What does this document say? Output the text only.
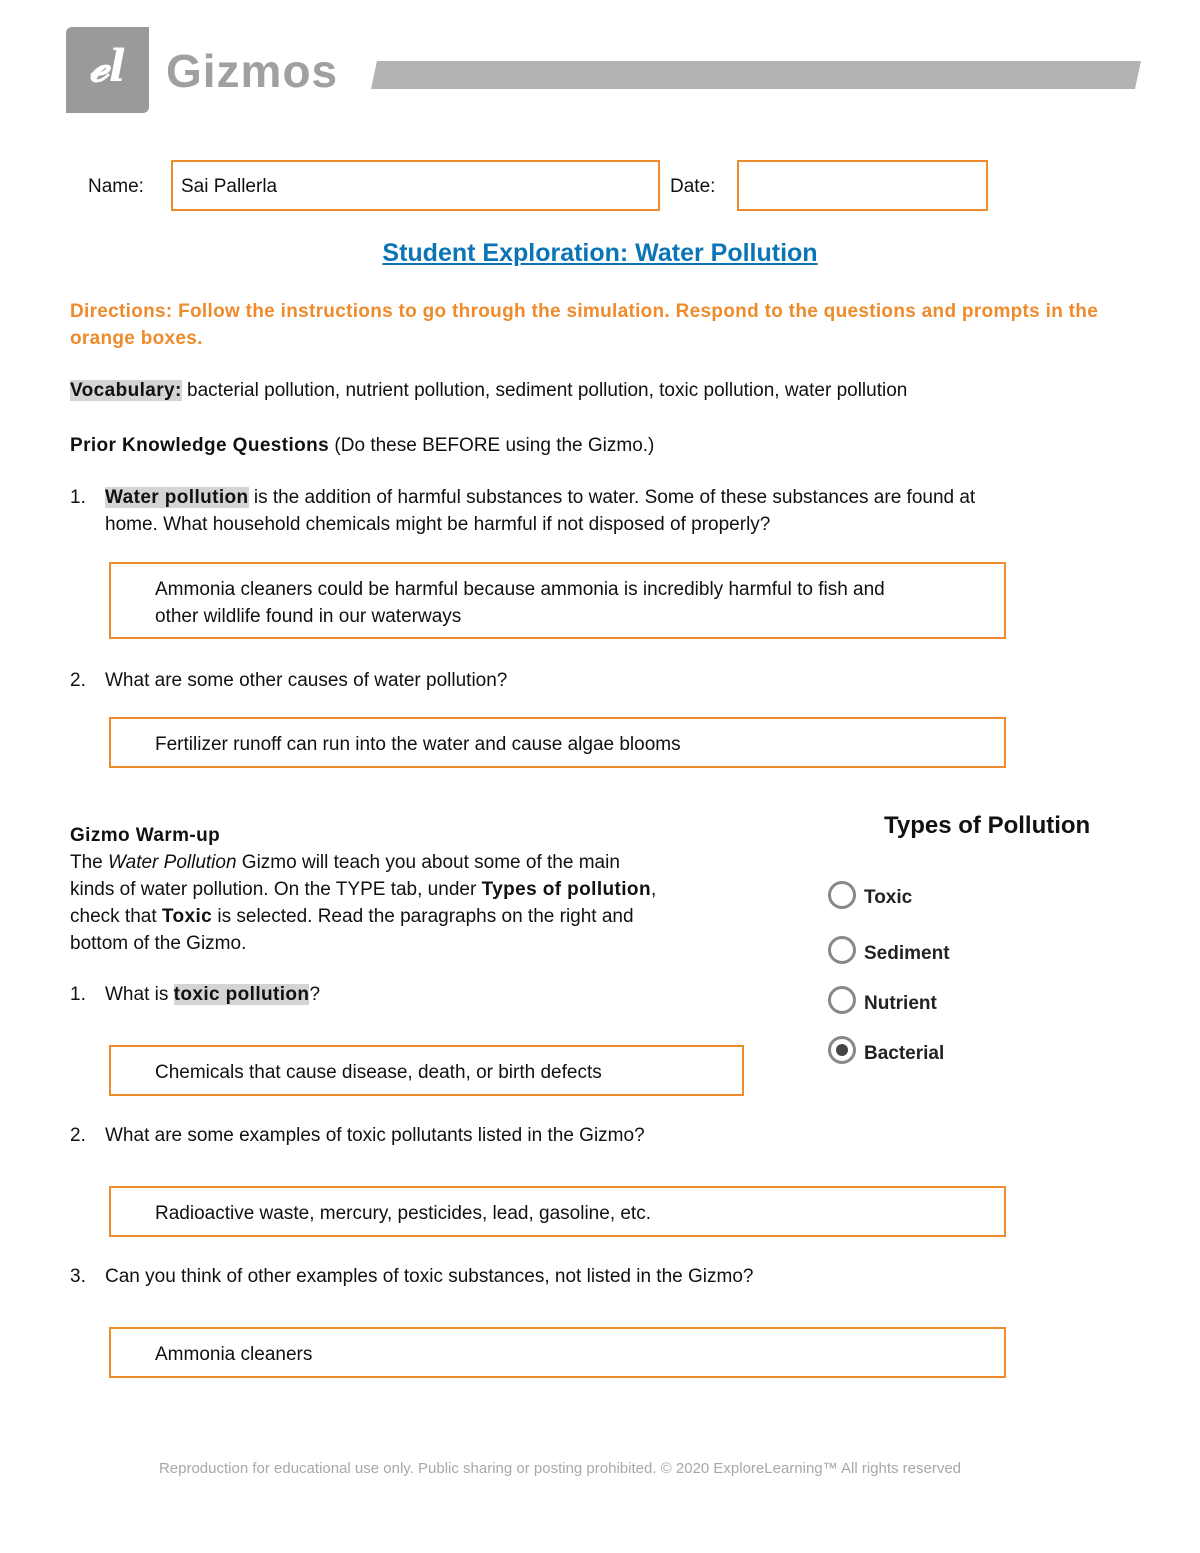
𝓮l Gizmos
Name:	Sai Pallerla	Date:
Student Exploration: Water Pollution
Directions: Follow the instructions to go through the simulation. Respond to the questions and prompts in the orange boxes.
Vocabulary: bacterial pollution, nutrient pollution, sediment pollution, toxic pollution, water pollution
Prior Knowledge Questions (Do these BEFORE using the Gizmo.)
1.	Water pollution is the addition of harmful substances to water. Some of these substances are found at
home. What household chemicals might be harmful if not disposed of properly?
Ammonia cleaners could be harmful because ammonia is incredibly harmful to fish and
other wildlife found in our waterways
2.	What are some other causes of water pollution?
Fertilizer runoff can run into the water and cause algae blooms
Gizmo Warm-up
The Water Pollution Gizmo will teach you about some of the main
kinds of water pollution. On the TYPE tab, under Types of pollution,
check that Toxic is selected. Read the paragraphs on the right and
bottom of the Gizmo.
1.	What is toxic pollution?
Chemicals that cause disease, death, or birth defects
2.	What are some examples of toxic pollutants listed in the Gizmo?
Radioactive waste, mercury, pesticides, lead, gasoline, etc.
3.	Can you think of other examples of toxic substances, not listed in the Gizmo?
Ammonia cleaners
Types of Pollution
Toxic
Sediment
Nutrient
Bacterial
Reproduction for educational use only. Public sharing or posting prohibited. © 2020 ExploreLearning™ All rights reserved
